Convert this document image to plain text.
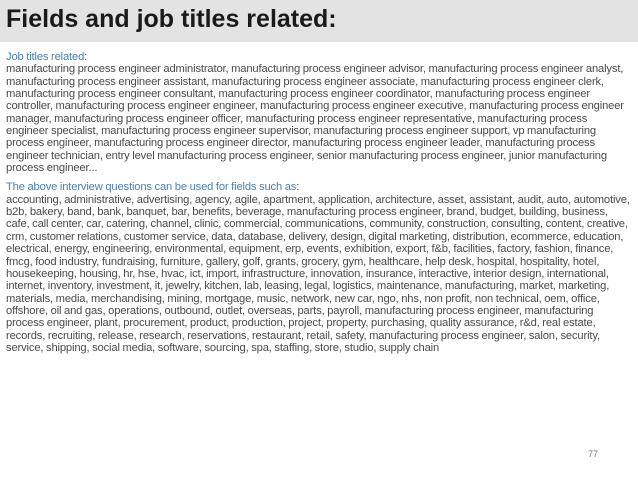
Fields and job titles related:

Job titles related:

manufacturing process engineer administrator, manufacturing process engineer advisor, manufacturing process engineer analyst, manufacturing process engineer assistant, manufacturing process engineer associate, manufacturing process engineer clerk, manufacturing process engineer consultant, manufacturing process engineer coordinator, manufacturing process engineer controller, manufacturing process engineer engineer, manufacturing process engineer executive, manufacturing process engineer manager, manufacturing process engineer officer, manufacturing process engineer representative, manufacturing process engineer specialist, manufacturing process engineer supervisor, manufacturing process engineer support, vp manufacturing process engineer, manufacturing process engineer director, manufacturing process engineer leader, manufacturing process engineer technician, entry level manufacturing process engineer, senior manufacturing process engineer, junior manufacturing process engineer...

The above interview questions can be used for fields such as:

accounting, administrative, advertising, agency, agile, apartment, application, architecture, asset, assistant, audit, auto, automotive, b2b, bakery, band, bank, banquet, bar, benefits, beverage, manufacturing process engineer, brand, budget, building, business, cafe, call center, car, catering, channel, clinic, commercial, communications, community, construction, consulting, content, creative, crm, customer relations, customer service, data, database, delivery, design, digital marketing, distribution, ecommerce, education, electrical, energy, engineering, environmental, equipment, erp, events, exhibition, export, f&b, facilities, factory, fashion, finance, fmcg, food industry, fundraising, furniture, gallery, golf, grants, grocery, gym, healthcare, help desk, hospital, hospitality, hotel, housekeeping, housing, hr, hse, hvac, ict, import, infrastructure, innovation, insurance, interactive, interior design, international, internet, inventory, investment, it, jewelry, kitchen, lab, leasing, legal, logistics, maintenance, manufacturing, market, marketing, materials, media, merchandising, mining, mortgage, music, network, new car, ngo, nhs, non profit, non technical, oem, office, offshore, oil and gas, operations, outbound, outlet, overseas, parts, payroll, manufacturing process engineer, manufacturing process engineer, plant, procurement, product, production, project, property, purchasing, quality assurance, r&d, real estate, records, recruiting, release, research, reservations, restaurant, retail, safety, manufacturing process engineer, salon, security, service, shipping, social media, software, sourcing, spa, staffing, store, studio, supply chain

77
